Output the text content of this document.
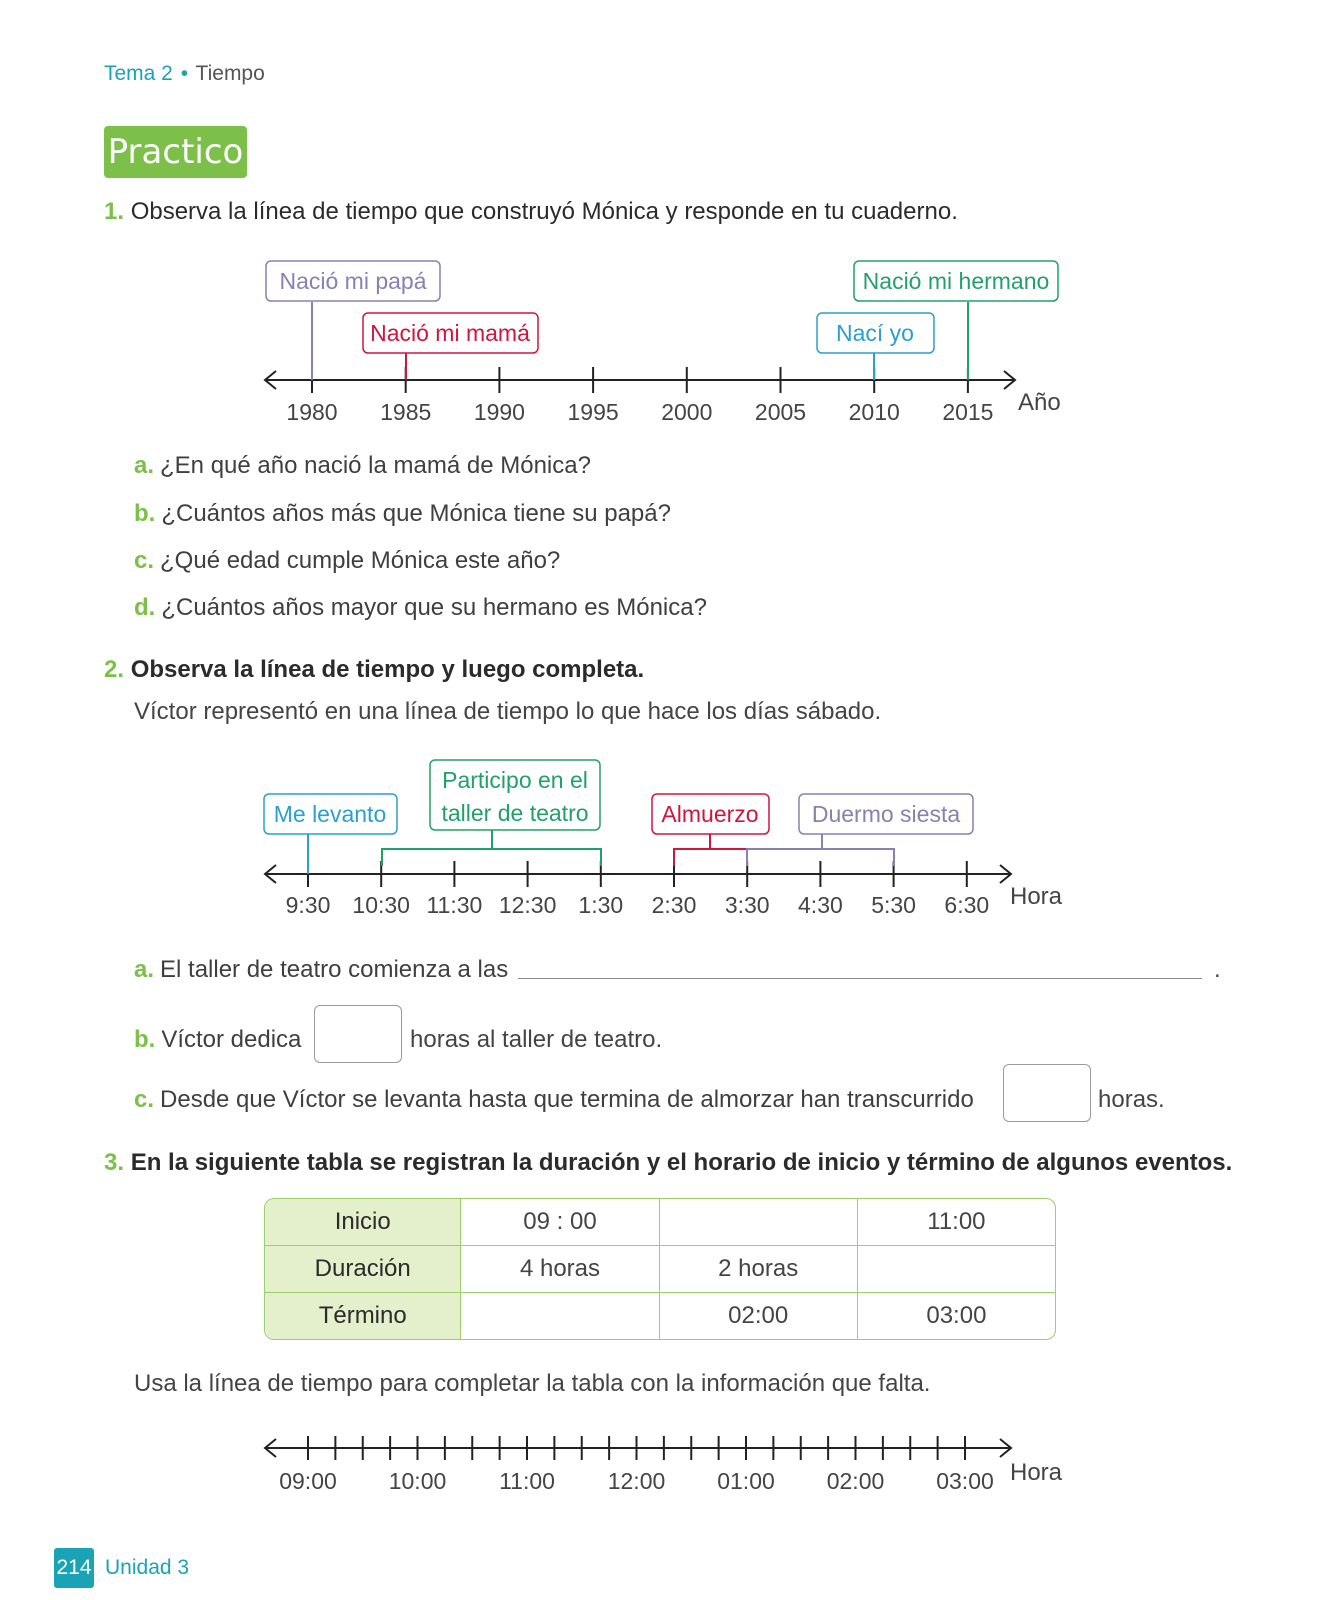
Tema 2 • Tiempo
Practico
1. Observa la línea de tiempo que construyó Mónica y responde en tu cuaderno.
1980 1985 1990 1995 2000 2005 2010 2015 Año
Nació mi papá
Nació mi mamá	Nací yo
Nació mi hermano
9:30 10:30 11:30 12:30 1:30 2:30 3:30 4:30 5:30 6:30 Hora
Me levanto
Participo en el
taller de teatro	Almuerzo Duermo siesta
09:00 10:00 11:00 12:00 01:00 02:00 03:00 Hora
a. ¿En qué año nació la mamá de Mónica?
b. ¿Cuántos años más que Mónica tiene su papá?
c. ¿Qué edad cumple Mónica este año?
d. ¿Cuántos años mayor que su hermano es Mónica?
2. Observa la línea de tiempo y luego completa.
Víctor representó en una línea de tiempo lo que hace los días sábado.
a. El taller de teatro comienza a las	.
b. Víctor dedica	horas al taller de teatro.
c. Desde que Víctor se levanta hasta que termina de almorzar han transcurrido	horas.
3. En la siguiente tabla se registran la duración y el horario de inicio y término de algunos eventos.
Inicio	09 : 00		11:00
Duración	4 horas	2 horas	
Término		02:00	03:00
Usa la línea de tiempo para completar la tabla con la información que falta.
214 Unidad 3
